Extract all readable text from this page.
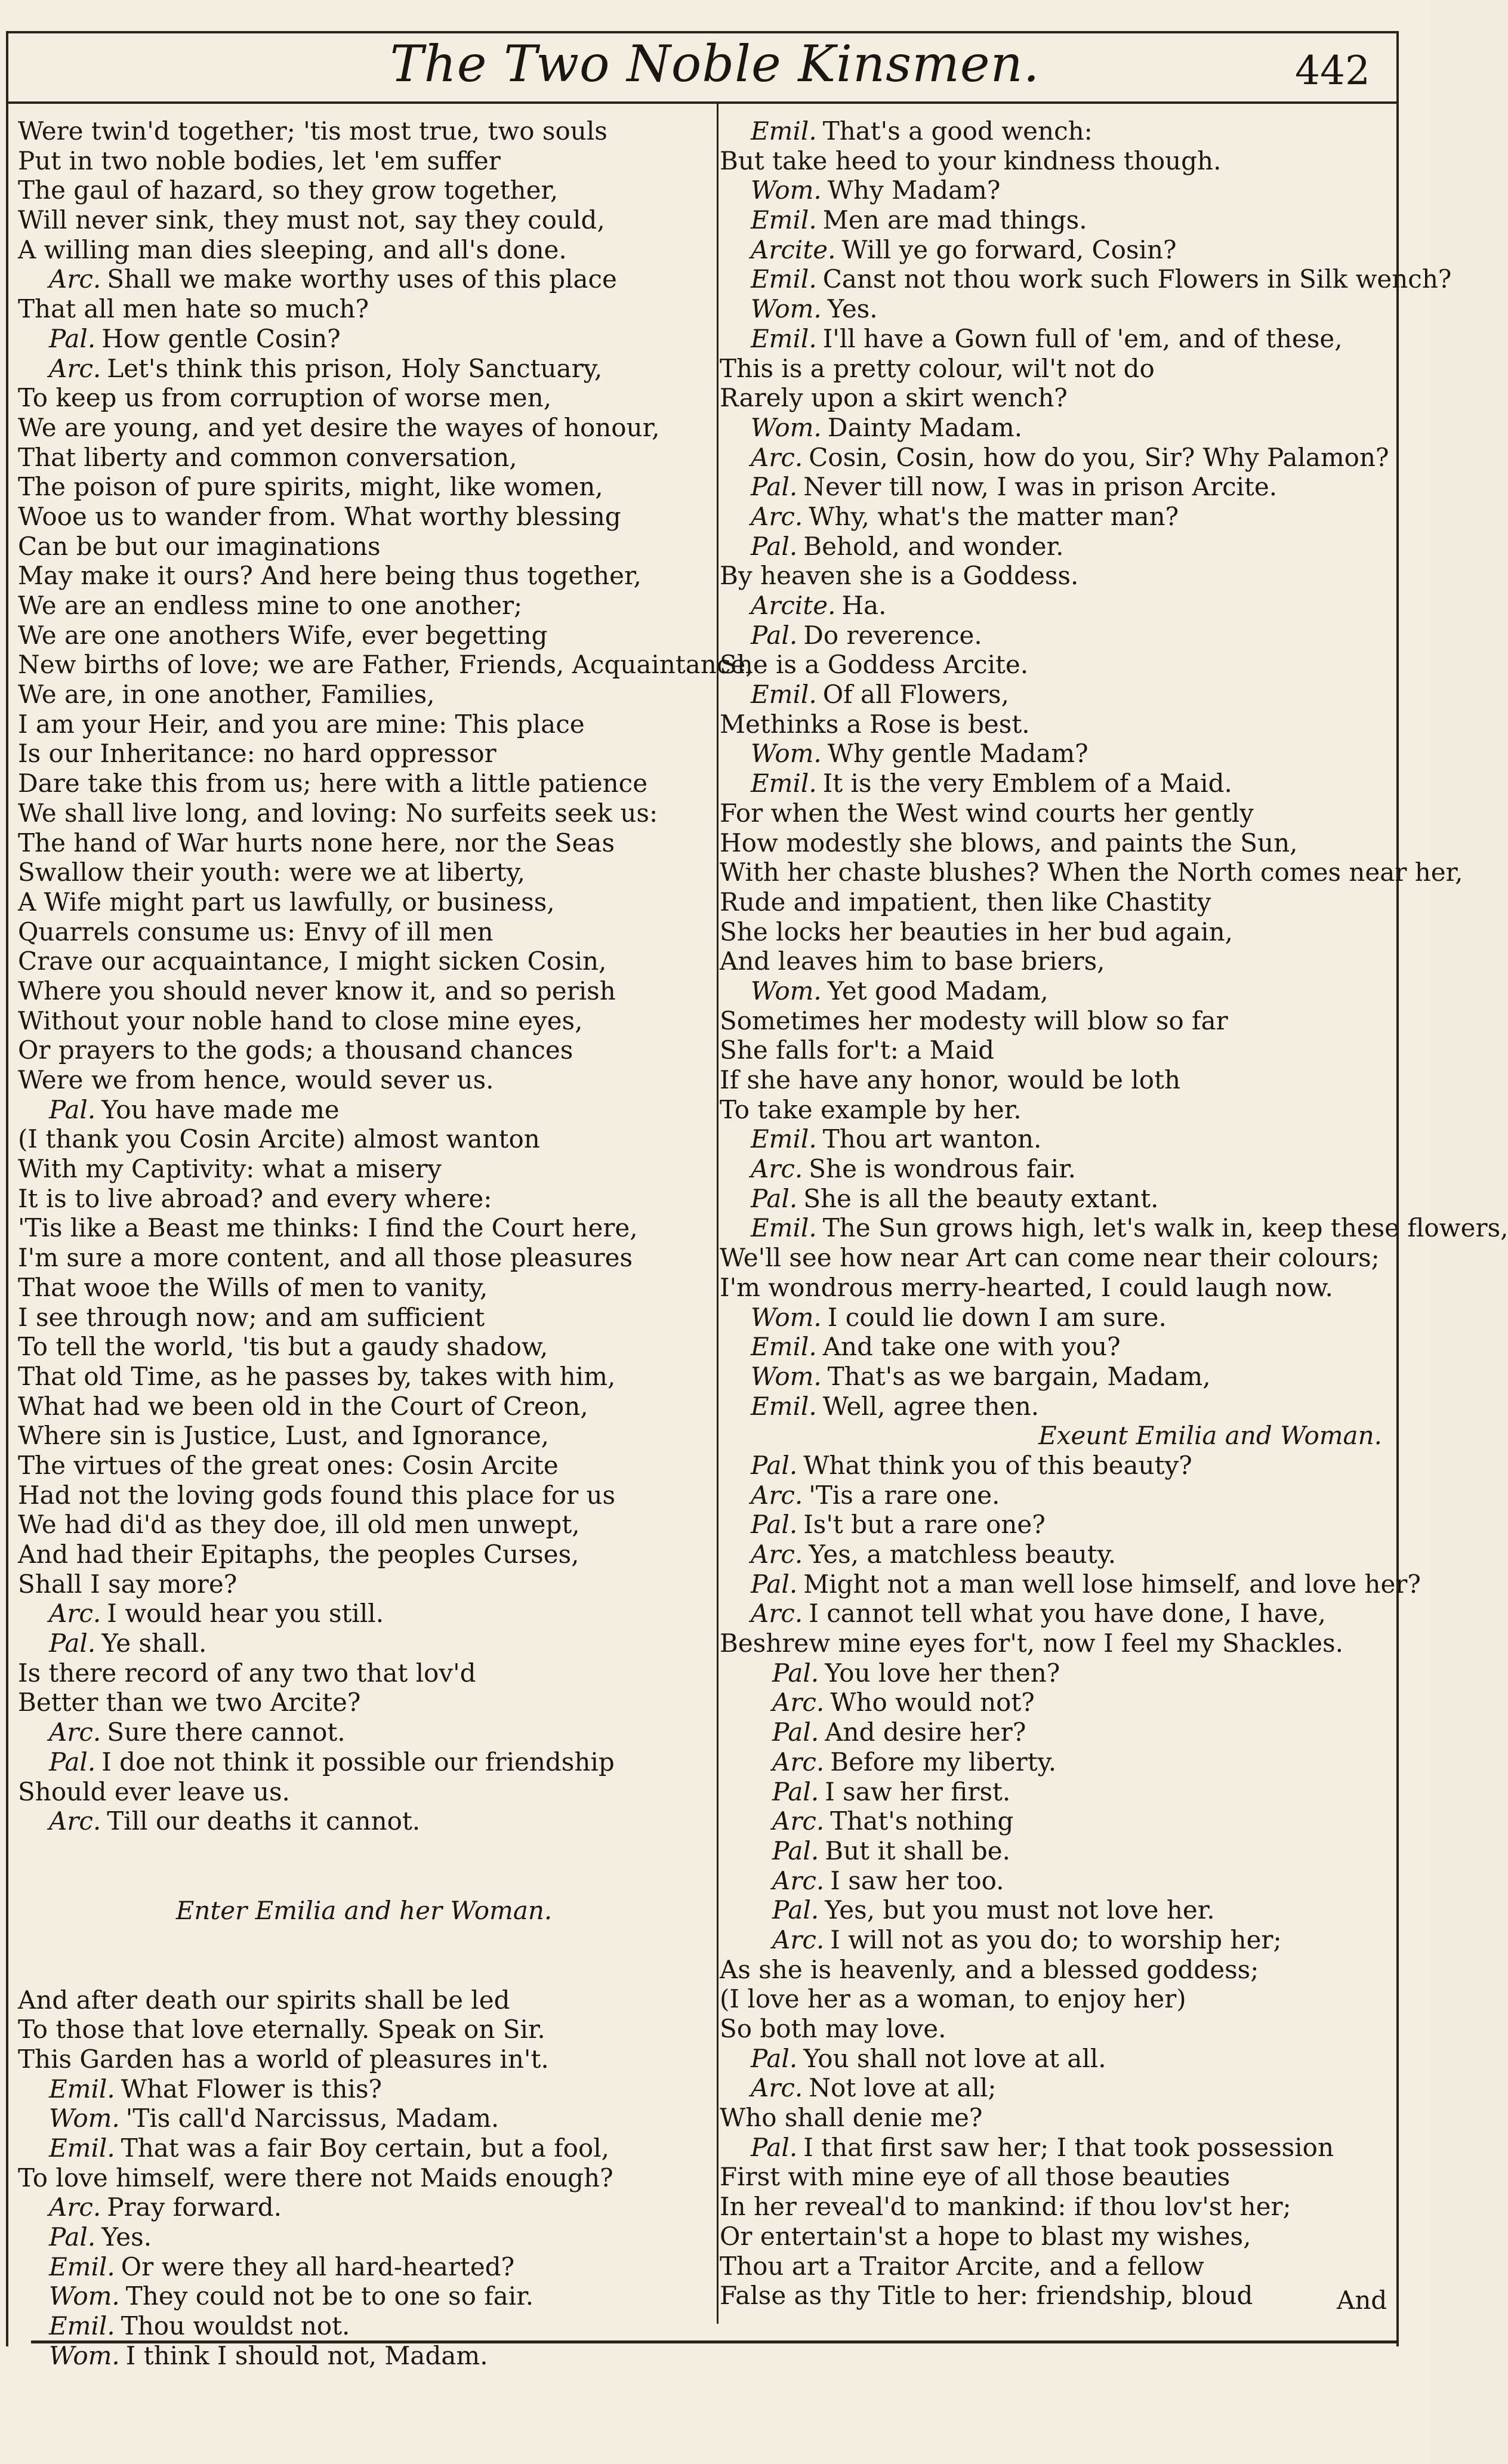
The Two Noble Kinsmen.	442
Were twin'd together; 'tis most true, two souls
Put in two noble bodies, let 'em suffer
The gaul of hazard, so they grow together,
Will never sink, they must not, say they could,
A willing man dies sleeping, and all's done.
Arc. Shall we make worthy uses of this place
That all men hate so much?
Pal. How gentle Cosin?
Arc. Let's think this prison, Holy Sanctuary,
To keep us from corruption of worse men,
We are young, and yet desire the wayes of honour,
That liberty and common conversation,
The poison of pure spirits, might, like women,
Wooe us to wander from. What worthy blessing
Can be but our imaginations
May make it ours? And here being thus together,
We are an endless mine to one another;
We are one anothers Wife, ever begetting
New births of love; we are Father, Friends, Acquaintance,
We are, in one another, Families,
I am your Heir, and you are mine: This place
Is our Inheritance: no hard oppressor
Dare take this from us; here with a little patience
We shall live long, and loving: No surfeits seek us:
The hand of War hurts none here, nor the Seas
Swallow their youth: were we at liberty,
A Wife might part us lawfully, or business,
Quarrels consume us: Envy of ill men
Crave our acquaintance, I might sicken Cosin,
Where you should never know it, and so perish
Without your noble hand to close mine eyes,
Or prayers to the gods; a thousand chances
Were we from hence, would sever us.
Pal. You have made me
(I thank you Cosin Arcite) almost wanton
With my Captivity: what a misery
It is to live abroad? and every where:
'Tis like a Beast me thinks: I find the Court here,
I'm sure a more content, and all those pleasures
That wooe the Wills of men to vanity,
I see through now; and am sufficient
To tell the world, 'tis but a gaudy shadow,
That old Time, as he passes by, takes with him,
What had we been old in the Court of Creon,
Where sin is Justice, Lust, and Ignorance,
The virtues of the great ones: Cosin Arcite
Had not the loving gods found this place for us
We had di'd as they doe, ill old men unwept,
And had their Epitaphs, the peoples Curses,
Shall I say more?
Arc. I would hear you still.
Pal. Ye shall.
Is there record of any two that lov'd
Better than we two Arcite?
Arc. Sure there cannot.
Pal. I doe not think it possible our friendship
Should ever leave us.
Arc. Till our deaths it cannot.
Enter Emilia and her Woman.
And after death our spirits shall be led
To those that love eternally. Speak on Sir.
This Garden has a world of pleasures in't.
Emil. What Flower is this?
Wom. 'Tis call'd Narcissus, Madam.
Emil. That was a fair Boy certain, but a fool,
To love himself, were there not Maids enough?
Arc. Pray forward.
Pal. Yes.
Emil. Or were they all hard-hearted?
Wom. They could not be to one so fair.
Emil. Thou wouldst not.
Wom. I think I should not, Madam.
Emil. That's a good wench:
But take heed to your kindness though.
Wom. Why Madam?
Emil. Men are mad things.
Arcite. Will ye go forward, Cosin?
Emil. Canst not thou work such Flowers in Silk wench?
Wom. Yes.
Emil. I'll have a Gown full of 'em, and of these,
This is a pretty colour, wil't not do
Rarely upon a skirt wench?
Wom. Dainty Madam.
Arc. Cosin, Cosin, how do you, Sir? Why Palamon?
Pal. Never till now, I was in prison Arcite.
Arc. Why, what's the matter man?
Pal. Behold, and wonder.
By heaven she is a Goddess.
Arcite. Ha.
Pal. Do reverence.
She is a Goddess Arcite.
Emil. Of all Flowers,
Methinks a Rose is best.
Wom. Why gentle Madam?
Emil. It is the very Emblem of a Maid.
For when the West wind courts her gently
How modestly she blows, and paints the Sun,
With her chaste blushes? When the North comes near her,
Rude and impatient, then like Chastity
She locks her beauties in her bud again,
And leaves him to base briers,
Wom. Yet good Madam,
Sometimes her modesty will blow so far
She falls for't: a Maid
If she have any honor, would be loth
To take example by her.
Emil. Thou art wanton.
Arc. She is wondrous fair.
Pal. She is all the beauty extant.
Emil. The Sun grows high, let's walk in, keep these flowers,
We'll see how near Art can come near their colours;
I'm wondrous merry-hearted, I could laugh now.
Wom. I could lie down I am sure.
Emil. And take one with you?
Wom. That's as we bargain, Madam,
Emil. Well, agree then.
Exeunt Emilia and Woman.
Pal. What think you of this beauty?
Arc. 'Tis a rare one.
Pal. Is't but a rare one?
Arc. Yes, a matchless beauty.
Pal. Might not a man well lose himself, and love her?
Arc. I cannot tell what you have done, I have,
Beshrew mine eyes for't, now I feel my Shackles.
Pal. You love her then?
Arc. Who would not?
Pal. And desire her?
Arc. Before my liberty.
Pal. I saw her first.
Arc. That's nothing
Pal. But it shall be.
Arc. I saw her too.
Pal. Yes, but you must not love her.
Arc. I will not as you do; to worship her;
As she is heavenly, and a blessed goddess;
(I love her as a woman, to enjoy her)
So both may love.
Pal. You shall not love at all.
Arc. Not love at all;
Who shall denie me?
Pal. I that first saw her; I that took possession
First with mine eye of all those beauties
In her reveal'd to mankind: if thou lov'st her;
Or entertain'st a hope to blast my wishes,
Thou art a Traitor Arcite, and a fellow
False as thy Title to her: friendship, bloud	And
